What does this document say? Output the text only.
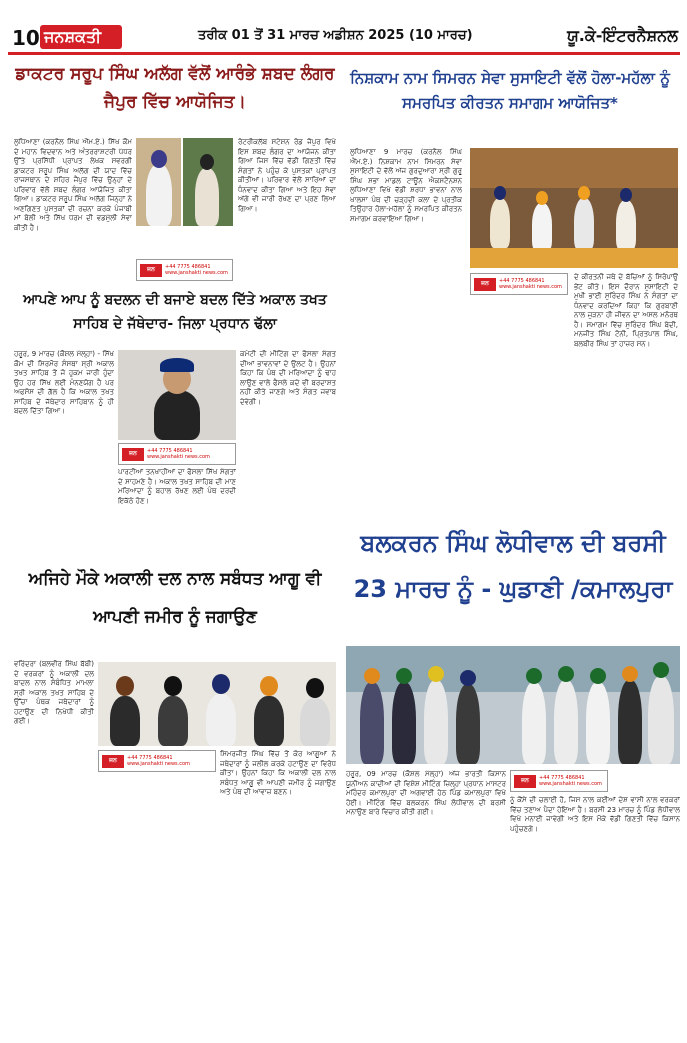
10 ਜਨਸ਼ਕਤੀ	ਤਰੀਕ 01 ਤੋਂ 31 ਮਾਰਚ ਅਡੀਸ਼ਨ 2025 (10 ਮਾਰਚ)	ਯੂ.ਕੇ-ਇੰਟਰਨੈਸ਼ਨਲ
ਡਾਕਟਰ ਸਰੂਪ ਸਿੰਘ ਅਲੱਗ ਵੱਲੋਂ ਆਰੰਭੇ ਸ਼ਬਦ ਲੰਗਰ ਜੈਪੁਰ ਵਿੱਚ ਆਯੋਜਿਤ।
ਲੁਧਿਆਣਾ (ਕਰਨੈਲ ਸਿੰਘ ਐੱਮ.ਏ.) ਸਿੱਖ ਕੌਮ ਦੇ ਮਹਾਨ ਵਿਦਵਾਨ ਅਤੇ ਅੰਤਰਰਾਸ਼ਟਰੀ ਪੱਧਰ ਉੱਤੇ ਪ੍ਰਸਿੱਧੀ ਪ੍ਰਾਪਤ ਲੇਖਕ ਸਵਰਗੀ ਡਾਕਟਰ ਸਰੂਪ ਸਿੰਘ ਅਲੱਗ ਦੀ ਯਾਦ ਵਿੱਚ ਰਾਜਸਥਾਨ ਦੇ ਸ਼ਹਿਰ ਜੈਪੁਰ ਵਿੱਚ ਉਨ੍ਹਾਂ ਦੇ ਪਰਿਵਾਰ ਵੱਲੋਂ ਸ਼ਬਦ ਲੰਗਰ ਆਯੋਜਿਤ ਕੀਤਾ ਗਿਆ। ਡਾਕਟਰ ਸਰੂਪ ਸਿੰਘ ਅਲੱਗ ਜਿਨ੍ਹਾਂ ਨੇ ਅਣਗਿਣਤ ਪੁਸਤਕਾਂ ਦੀ ਰਚਨਾ ਕਰਕੇ ਪੰਜਾਬੀ ਮਾਂ ਬੋਲੀ ਅਤੇ ਸਿੱਖ ਧਰਮ ਦੀ ਵਡਮੁੱਲੀ ਸੇਵਾ ਕੀਤੀ ਹੈ।
ਰੋਟਰੀਕਲੱਬ ਸਟੇਸ਼ਨ ਰੋਡ ਜੈਪੁਰ ਵਿਖੇ ਇਸ ਸ਼ਬਦ ਲੰਗਰ ਦਾ ਆਯੋਜਨ ਕੀਤਾ ਗਿਆ ਜਿਸ ਵਿੱਚ ਵੱਡੀ ਗਿਣਤੀ ਵਿੱਚ ਸੰਗਤਾਂ ਨੇ ਪਹੁੰਚ ਕੇ ਪੁਸਤਕਾਂ ਪ੍ਰਾਪਤ ਕੀਤੀਆਂ। ਪਰਿਵਾਰ ਵੱਲੋਂ ਸਾਰਿਆਂ ਦਾ ਧੰਨਵਾਦ ਕੀਤਾ ਗਿਆ ਅਤੇ ਇਹ ਸੇਵਾ ਅੱਗੇ ਵੀ ਜਾਰੀ ਰੱਖਣ ਦਾ ਪ੍ਰਣ ਲਿਆ ਗਿਆ।
ਜਨ	+44 7775 486841
www.janshakti news.com
ਨਿਸ਼ਕਾਮ ਨਾਮ ਸਿਮਰਨ ਸੇਵਾ ਸੁਸਾਇਟੀ ਵੱਲੋਂ ਹੋਲਾ-ਮਹੱਲਾ ਨੂੰ ਸਮਰਪਿਤ ਕੀਰਤਨ ਸਮਾਗਮ ਆਯੋਜਿਤ*
ਲੁਧਿਆਣਾ 9 ਮਾਰਚ (ਕਰਨੈਲ ਸਿੰਘ ਐੱਮ.ਏ.) ਨਿਸ਼ਕਾਮ ਨਾਮ ਸਿਮਰਨ ਸੇਵਾ ਸੁਸਾਇਟੀ ਦੇ ਵੱਲੋਂ ਅੱਜ ਗੁਰਦੁਆਰਾ ਸ੍ਰੀ ਗੁਰੂ ਸਿੰਘ ਸਭਾ ਮਾਡਲ ਟਾਊਨ ਐਕਸਟੈਨਸ਼ਨ ਲੁਧਿਆਣਾ ਵਿਖੇ ਵੱਡੀ ਸ਼ਰਧਾ ਭਾਵਨਾ ਨਾਲ ਖਾਲਸਾ ਪੰਥ ਦੀ ਚੜ੍ਹਦੀ ਕਲਾ ਦੇ ਪ੍ਰਤੀਕ ਤਿਉਹਾਰ ਹੋਲਾ-ਮਹੱਲਾ ਨੂੰ ਸਮਰਪਿਤ ਕੀਰਤਨ ਸਮਾਗਮ ਕਰਵਾਇਆ ਗਿਆ।
ਜਨ	+44 7775 486841
www.janshakti news.com
ਦੇ ਕੀਰਤਨੀ ਜਥੇ ਦੇ ਬੱਚਿਆਂ ਨੂੰ ਸਿਰੋਪਾਉ ਭੇਂਟ ਕੀਤੇ। ਇਸ ਦੌਰਾਨ ਸੁਸਾਇਟੀ ਦੇ ਮੁਖੀ ਭਾਈ ਸੁਰਿੰਦਰ ਸਿੰਘ ਨੇ ਸੰਗਤਾਂ ਦਾ ਧੰਨਵਾਦ ਕਰਦਿਆਂ ਕਿਹਾ ਕਿ ਗੁਰਬਾਣੀ ਨਾਲ ਜੁੜਨਾ ਹੀ ਜੀਵਨ ਦਾ ਅਸਲ ਮਨੋਰਥ ਹੈ। ਸਮਾਗਮ ਵਿੱਚ ਸੁਰਿੰਦਰ ਸਿੰਘ ਬੇਦੀ, ਮਨਜੀਤ ਸਿੰਘ ਟੋਨੀ, ਪ੍ਰਿਤਪਾਲ ਸਿੰਘ, ਬਲਬੀਰ ਸਿੰਘ ਤਾਂ ਹਾਜ਼ਰ ਸਨ।
ਆਪਣੇ ਆਪ ਨੂੰ ਬਦਲਨ ਦੀ ਬਜਾਏ ਬਦਲ ਦਿੱਤੇ ਅਕਾਲ ਤਖਤ ਸਾਹਿਬ ਦੇ ਜੱਥੇਦਾਰ- ਜਿਲਾ ਪ੍ਰਧਾਨ ਢੱਲਾ
ਹਰੂਰ, 9 ਮਾਰਚ (ਕੌਸ਼ਲ ਮੱਲ੍ਹਾ) - ਸਿੱਖ ਕੌਮ ਦੀ ਸਿਰਮੌਰ ਸੰਸਥਾ ਸ੍ਰੀ ਅਕਾਲ ਤਖਤ ਸਾਹਿਬ ਤੋਂ ਜੋ ਹੁਕਮ ਜਾਰੀ ਹੁੰਦਾ ਉਹ ਹਰ ਸਿੱਖ ਲਈ ਮੰਨਣਯੋਗ ਹੈ ਪਰ ਅਫਸੋਸ ਦੀ ਗੱਲ ਹੈ ਕਿ ਅਕਾਲ ਤਖਤ ਸਾਹਿਬ ਦੇ ਜੱਥੇਦਾਰ ਸਾਹਿਬਾਨ ਨੂੰ ਹੀ ਬਦਲ ਦਿੱਤਾ ਗਿਆ।
ਜਨ	+44 7775 486841
www.janshakti news.com
ਕਮੇਟੀ ਦੀ ਮੀਟਿੰਗ ਦਾ ਫੈਸਲਾ ਸੰਗਤ ਦੀਆਂ ਭਾਵਨਾਵਾਂ ਦੇ ਉਲਟ ਹੈ। ਉਹਨਾਂ ਕਿਹਾ ਕਿ ਪੰਥ ਦੀ ਮਰਿਆਦਾ ਨੂੰ ਢਾਹ ਲਾਉਣ ਵਾਲੇ ਫੈਸਲੇ ਕਦੇ ਵੀ ਬਰਦਾਸ਼ਤ ਨਹੀਂ ਕੀਤੇ ਜਾਣਗੇ ਅਤੇ ਸੰਗਤ ਜਵਾਬ ਦੇਵੇਗੀ।
ਪਾਰਟੀਆਂ ਤਨਖਾਹੀਆਂ ਦਾ ਫੈਸਲਾ ਸਿੱਖ ਸੰਗਤਾਂ ਦੇ ਸਾਹਮਣੇ ਹੈ। ਅਕਾਲ ਤਖਤ ਸਾਹਿਬ ਦੀ ਮਾਣ ਮਰਿਆਦਾ ਨੂੰ ਬਹਾਲ ਰੱਖਣ ਲਈ ਪੰਥ ਦਰਦੀ ਇਕੱਠੇ ਹੋਣ।
ਬਲਕਰਨ ਸਿੰਘ ਲੋਧੀਵਾਲ ਦੀ ਬਰਸੀ 23 ਮਾਰਚ ਨੂੰ - ਘੁਡਾਣੀ /ਕਮਾਲਪੁਰਾ
ਅਜਿਹੇ ਮੌਕੇ ਅਕਾਲੀ ਦਲ ਨਾਲ ਸਬੰਧਤ ਆਗੂ ਵੀ ਆਪਣੀ ਜਮੀਰ ਨੂੰ ਜਗਾਉਣ
ਵਰਿੰਦਰਾ (ਬਲਵੀਰ ਸਿੰਘ ਬੱਬੀ) ਦੇ ਵਰਕਰਾਂ ਨੂੰ ਅਕਾਲੀ ਦਲ ਬਾਦਲ ਨਾਲ ਸੰਬੰਧਿਤ ਮਾਮਲਾ ਸ੍ਰੀ ਅਕਾਲ ਤਖਤ ਸਾਹਿਬ ਦੇ ਉੱਚਾ ਪੰਥਕ ਜਥੇਦਾਰਾਂ ਨੂੰ ਹਟਾਉਣ ਦੀ ਨਿਖੇਧੀ ਕੀਤੀ ਗਈ।
ਜਨ	+44 7775 486841
www.janshakti news.com
ਸਿਮਰਜੀਤ ਸਿੰਘ ਵਿੱਚ ਤੋਂ ਕੋਰ ਆਗੂਆਂ ਨੇ ਜਥੇਦਾਰਾਂ ਨੂੰ ਜਲੀਲ ਕਰਕੇ ਹਟਾਉਣ ਦਾ ਵਿਰੋਧ ਕੀਤਾ। ਉਹਨਾਂ ਕਿਹਾ ਕਿ ਅਕਾਲੀ ਦਲ ਨਾਲ ਸਬੰਧਤ ਆਗੂ ਵੀ ਆਪਣੀ ਜਮੀਰ ਨੂੰ ਜਗਾਉਣ ਅਤੇ ਪੰਥ ਦੀ ਆਵਾਜ਼ ਬਣਨ।
ਹਰੂਰ, 09 ਮਾਰਚ (ਕੌਸ਼ਲ ਮੱਲ੍ਹਾ) ਅੱਜ ਭਾਰਤੀ ਕਿਸਾਨ ਯੂਨੀਅਨ ਕਾਦੀਆਂ ਦੀ ਵਿਸ਼ੇਸ਼ ਮੀਟਿੰਗ ਜ਼ਿਲ੍ਹਾ ਪ੍ਰਧਾਨ ਮਾਸਟਰ ਮਹਿੰਦਰ ਕਮਾਲਪੁਰਾ ਦੀ ਅਗਵਾਈ ਹੇਠ ਪਿੰਡ ਕਮਾਲਪੁਰਾ ਵਿਖੇ ਹੋਈ। ਮੀਟਿੰਗ ਵਿੱਚ ਬਲਕਰਨ ਸਿੰਘ ਲੋਧੀਵਾਲ ਦੀ ਬਰਸੀ ਮਨਾਉਣ ਬਾਰੇ ਵਿਚਾਰ ਕੀਤੀ ਗਈ।
ਜਨ	+44 7775 486841
www.janshakti news.com
ਨੂੰ ਕੈਂਸੇ ਦੀ ਚਲਾਈ ਹੈ, ਜਿਸ ਨਾਲ ਕਈਆਂ ਦੇਸ਼ ਵਾਸੀ ਨਾਲ ਵਰਕਰਾਂ ਵਿੱਚ ਤਣਾਅ ਪੈਦਾ ਹੋਇਆ ਹੈ। ਬਰਸੀ 23 ਮਾਰਚ ਨੂੰ ਪਿੰਡ ਲੋਧੀਵਾਲ ਵਿਖੇ ਮਨਾਈ ਜਾਵੇਗੀ ਅਤੇ ਇਸ ਮੌਕੇ ਵੱਡੀ ਗਿਣਤੀ ਵਿੱਚ ਕਿਸਾਨ ਪਹੁੰਚਣਗੇ।
